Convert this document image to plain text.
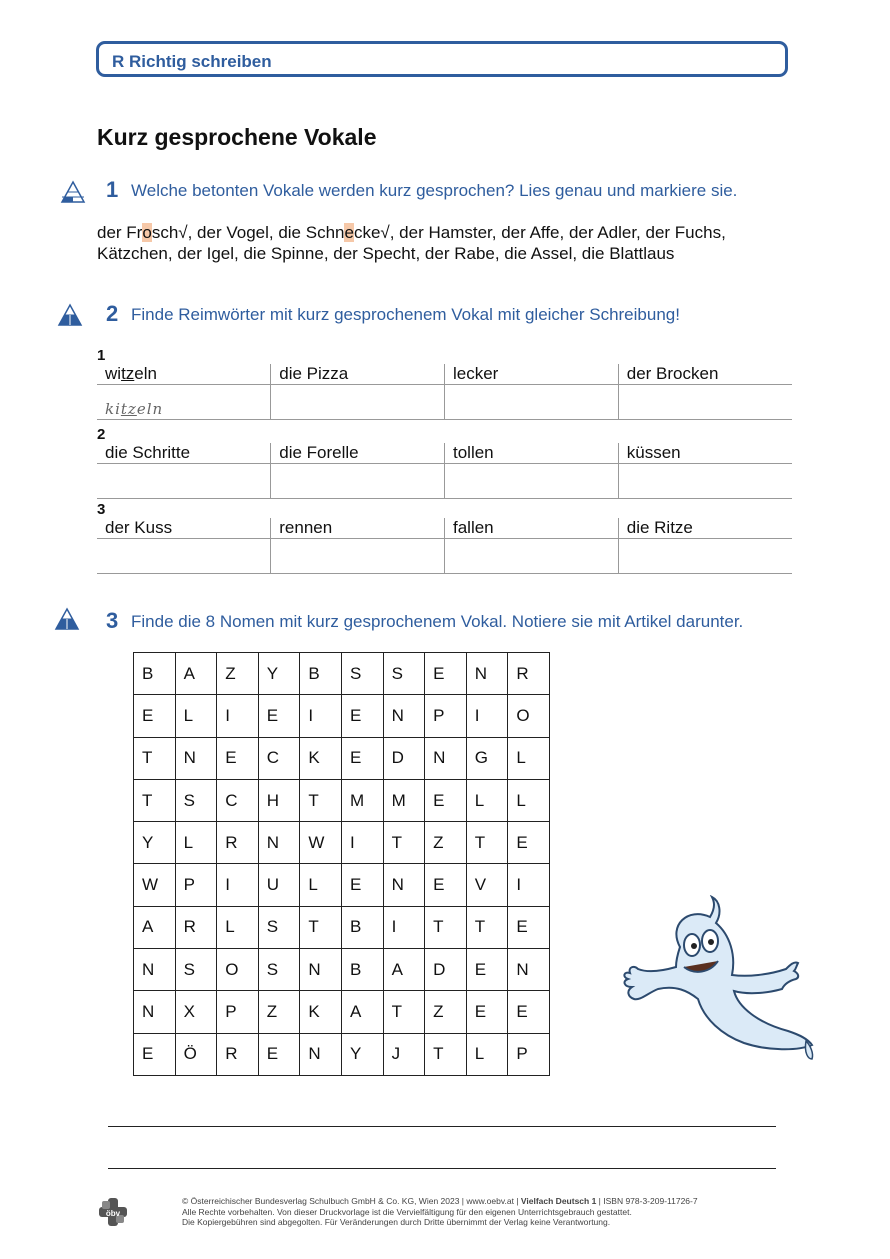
R Richtig schreiben
Kurz gesprochene Vokale
1 Welche betonten Vokale werden kurz gesprochen? Lies genau und markiere sie.
der Frosch√, der Vogel, die Schnecke√, der Hamster, der Affe, der Adler, der Fuchs,
Kätzchen, der Igel, die Spinne, der Specht, der Rabe, die Assel, die Blattlaus
2 Finde Reimwörter mit kurz gesprochenem Vokal mit gleicher Schreibung!
1
witzeln	die Pizza	lecker	der Brocken
kitzeln			
2
die Schritte	die Forelle	tollen	küssen

3
der Kuss	rennen	fallen	die Ritze

3 Finde die 8 Nomen mit kurz gesprochenem Vokal. Notiere sie mit Artikel darunter.
B	A	Z	Y	B	S	S	E	N	R
E	L	I	E	I	E	N	P	I	O
T	N	E	C	K	E	D	N	G	L
T	S	C	H	T	M	M	E	L	L
Y	L	R	N	W	I	T	Z	T	E
W	P	I	U	L	E	N	E	V	I
A	R	L	S	T	B	I	T	T	E
N	S	O	S	N	B	A	D	E	N
N	X	P	Z	K	A	T	Z	E	E
E	Ö	R	E	N	Y	J	T	L	P
öbv
© Österreichischer Bundesverlag Schulbuch GmbH & Co. KG, Wien 2023 | www.oebv.at | Vielfach Deutsch 1 | ISBN 978-3-209-11726-7
Alle Rechte vorbehalten. Von dieser Druckvorlage ist die Vervielfältigung für den eigenen Unterrichtsgebrauch gestattet.
Die Kopiergebühren sind abgegolten. Für Veränderungen durch Dritte übernimmt der Verlag keine Verantwortung.
